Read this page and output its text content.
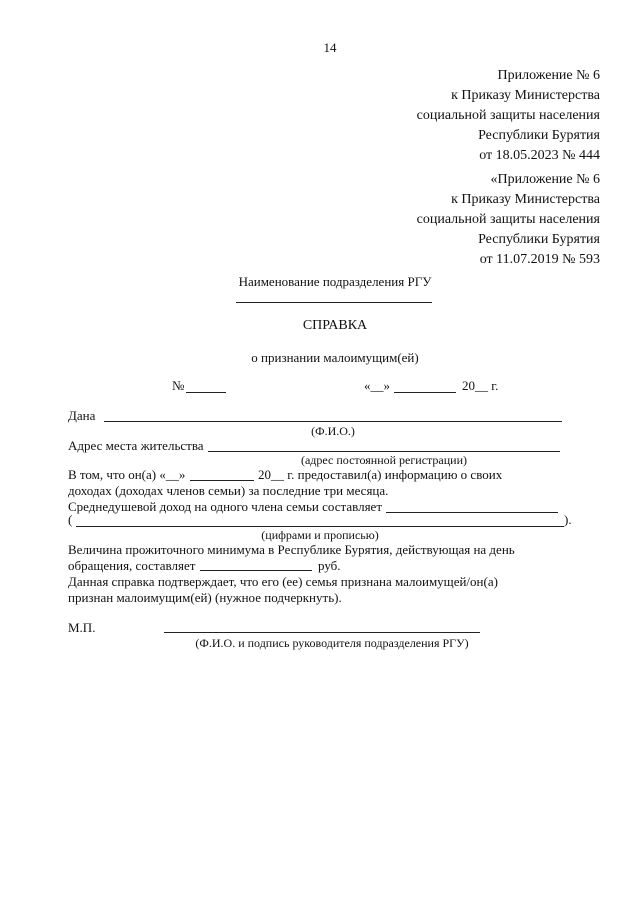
14
Приложение № 6
к Приказу Министерства
социальной защиты населения
Республики Бурятия
от 18.05.2023 № 444
«Приложение № 6
к Приказу Министерства
социальной защиты населения
Республики Бурятия
от 11.07.2019 № 593
Наименование подразделения РГУ
СПРАВКА
о признании малоимущим(ей)
№	«__»	20__ г.
Дана
(Ф.И.О.)
Адрес места жительства
(адрес постоянной регистрации)
В том, что он(а) «__»	20__ г. предоставил(а) информацию о своих
доходах (доходах членов семьи) за последние три месяца.
Среднедушевой доход на одного члена семьи составляет
(	).
(цифрами и прописью)
Величина прожиточного минимума в Республике Бурятия, действующая на день
обращения, составляет	руб.
Данная справка подтверждает, что его (ее) семья признана малоимущей/он(а)
признан малоимущим(ей) (нужное подчеркнуть).
М.П.
(Ф.И.О. и подпись руководителя подразделения РГУ)
